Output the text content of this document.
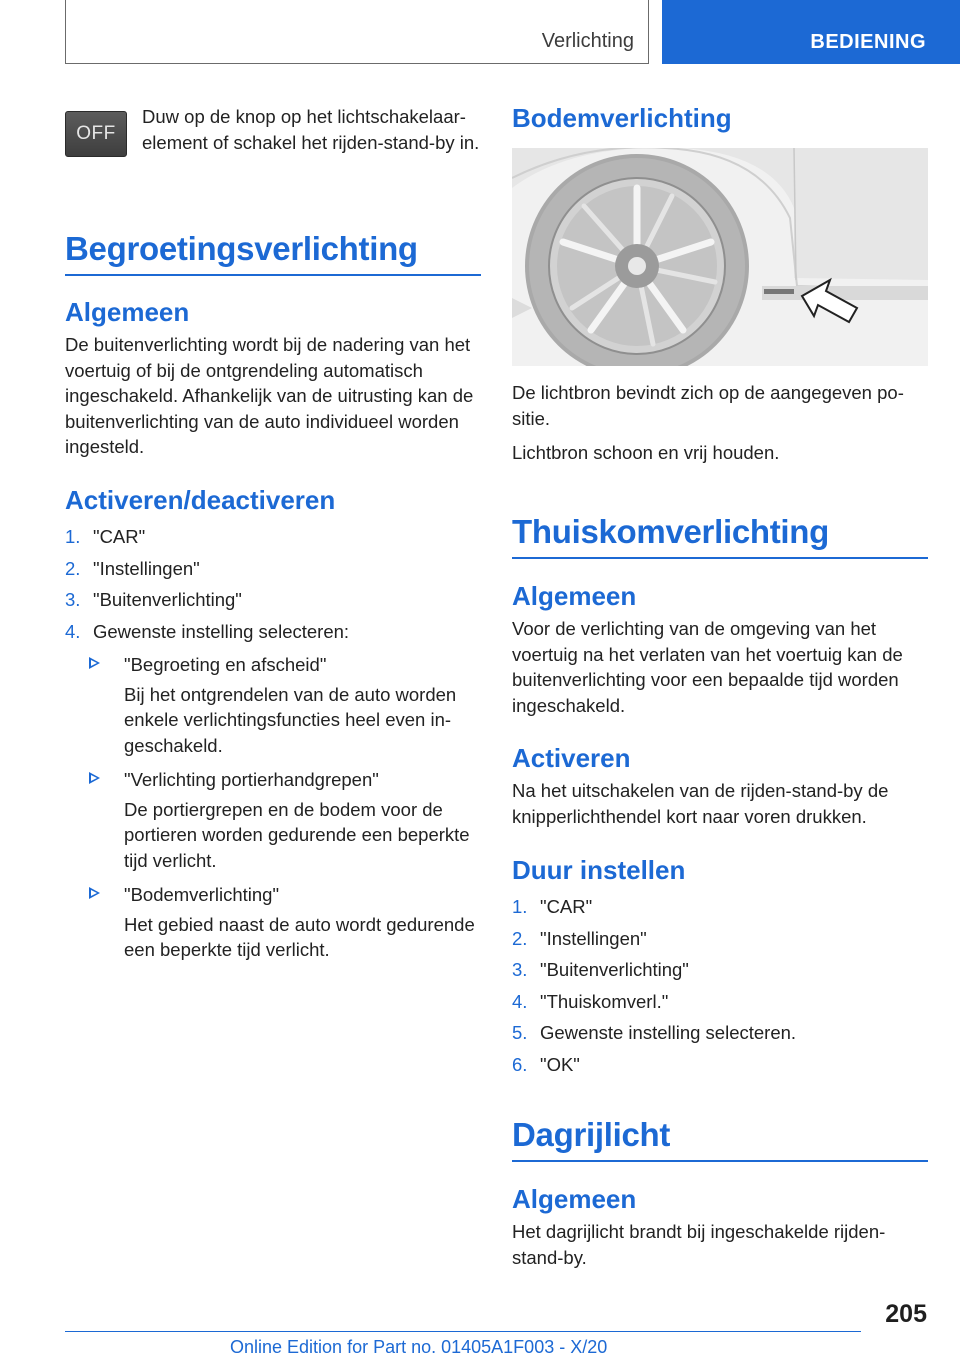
Verlichting	BEDIENING
OFF

Duw op de knop op het lichtschakelaarelement of schakel het rijden-stand-by in.

Begroetingsverlichting
Algemeen

De buitenverlichting wordt bij de nadering van het voertuig of bij de ontgrendeling automatisch ingeschakeld. Afhankelijk van de uitrusting kan de buitenverlichting van de auto individueel worden ingesteld.

Activeren/deactiveren
1. "CAR"
2. "Instellingen"
3. "Buitenverlichting"
4. Gewenste instelling selecteren:
"Begroeting en afscheid"

Bij het ontgrendelen van de auto worden enkele verlichtingsfuncties heel even ingeschakeld.

"Verlichting portierhandgrepen"

De portiergrepen en de bodem voor de portieren worden gedurende een beperkte tijd verlicht.

"Bodemverlichting"

Het gebied naast de auto wordt gedurende een beperkte tijd verlicht.

Bodemverlichting

De lichtbron bevindt zich op de aangegeven positie.

Lichtbron schoon en vrij houden.

Thuiskomverlichting
Algemeen

Voor de verlichting van de omgeving van het voertuig na het verlaten van het voertuig kan de buitenverlichting voor een bepaalde tijd worden ingeschakeld.

Activeren

Na het uitschakelen van de rijden-stand-by de knipperlichthendel kort naar voren drukken.

Duur instellen
1. "CAR"
2. "Instellingen"
3. "Buitenverlichting"
4. "Thuiskomverl."
5. Gewenste instelling selecteren.
6. "OK"
Dagrijlicht
Algemeen

Het dagrijlicht brandt bij ingeschakelde rijden-stand-by.

205
Online Edition for Part no. 01405A1F003 - X/20
